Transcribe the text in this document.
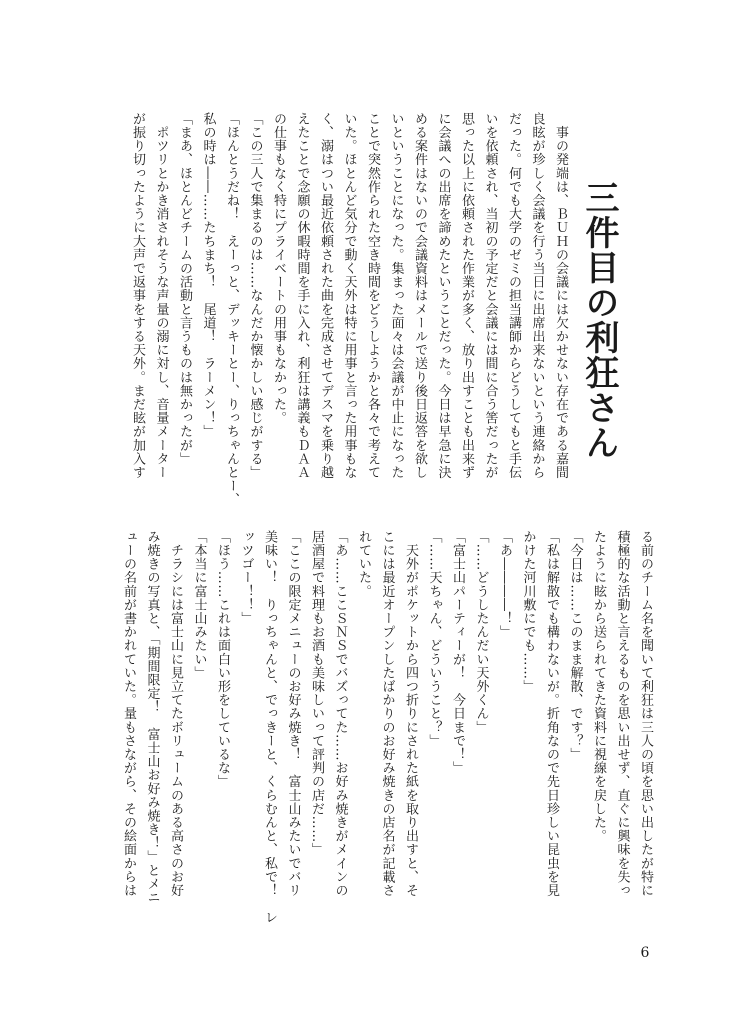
三件目の利狂さん
　事の発端は、ＢＵＨの会議には欠かせない存在である嘉間
良眩が珍しく会議を行う当日に出席出来ないという連絡から
だった。何でも大学のゼミの担当講師からどうしてもと手伝
いを依頼され、当初の予定だと会議には間に合う筈だったが
思った以上に依頼された作業が多く、放り出すことも出来ず
に会議への出席を諦めたということだった。今日は早急に決
める案件はないので会議資料はメールで送り後日返答を欲し
いということになった。集まった面々は会議が中止になった
ことで突然作られた空き時間をどうしようかと各々で考えて
いた。ほとんど気分で動く天外は特に用事と言った用事もな
く、溺はつい最近依頼された曲を完成させてデスマを乗り越
えたことで念願の休暇時間を手に入れ、利狂は講義もＤＡＡ
の仕事もなく特にプライベートの用事もなかった。
「この三人で集まるのは……なんだか懐かしい感じがする」
「ほんとうだね！　えーっと、デッキーとー、りっちゃんとー、
私の時は――……たちまち！　尾道！　ラーメン！」
「まあ、ほとんどチームの活動と言うものは無かったが」
　ポツリとかき消されそうな声量の溺に対し、音量メーター
が振り切ったように大声で返事をする天外。まだ眩が加入す
る前のチーム名を聞いて利狂は三人の頃を思い出したが特に
積極的な活動と言えるものを思い出せず、直ぐに興味を失っ
たように眩から送られてきた資料に視線を戻した。
「今日は……このまま解散、です？」
「私は解散でも構わないが。折角なので先日珍しい昆虫を見
かけた河川敷にでも……」
「あ――――！」
「……どうしたんだい天外くん」
「富士山パーティーが！　今日まで！」
「……天ちゃん、どういうこと？」
　天外がポケットから四つ折りにされた紙を取り出すと、そ
こには最近オープンしたばかりのお好み焼きの店名が記載さ
れていた。
「あ……ここＳＮＳでバズってた……お好み焼きがメインの
居酒屋で料理もお酒も美味しいって評判の店だ……」
「ここの限定メニューのお好み焼き！　富士山みたいでバリ
美味い！　りっちゃんと、でっきーと、くらむんと、私で！　レ
ッツゴー！！」
「ほう……これは面白い形をしているな」
「本当に富士山みたい」
　チラシには富士山に見立てたボリュームのある高さのお好
み焼きの写真と、「期間限定！　富士山お好み焼き！」とメニ
ューの名前が書かれていた。量もさながら、その絵面からは
6
